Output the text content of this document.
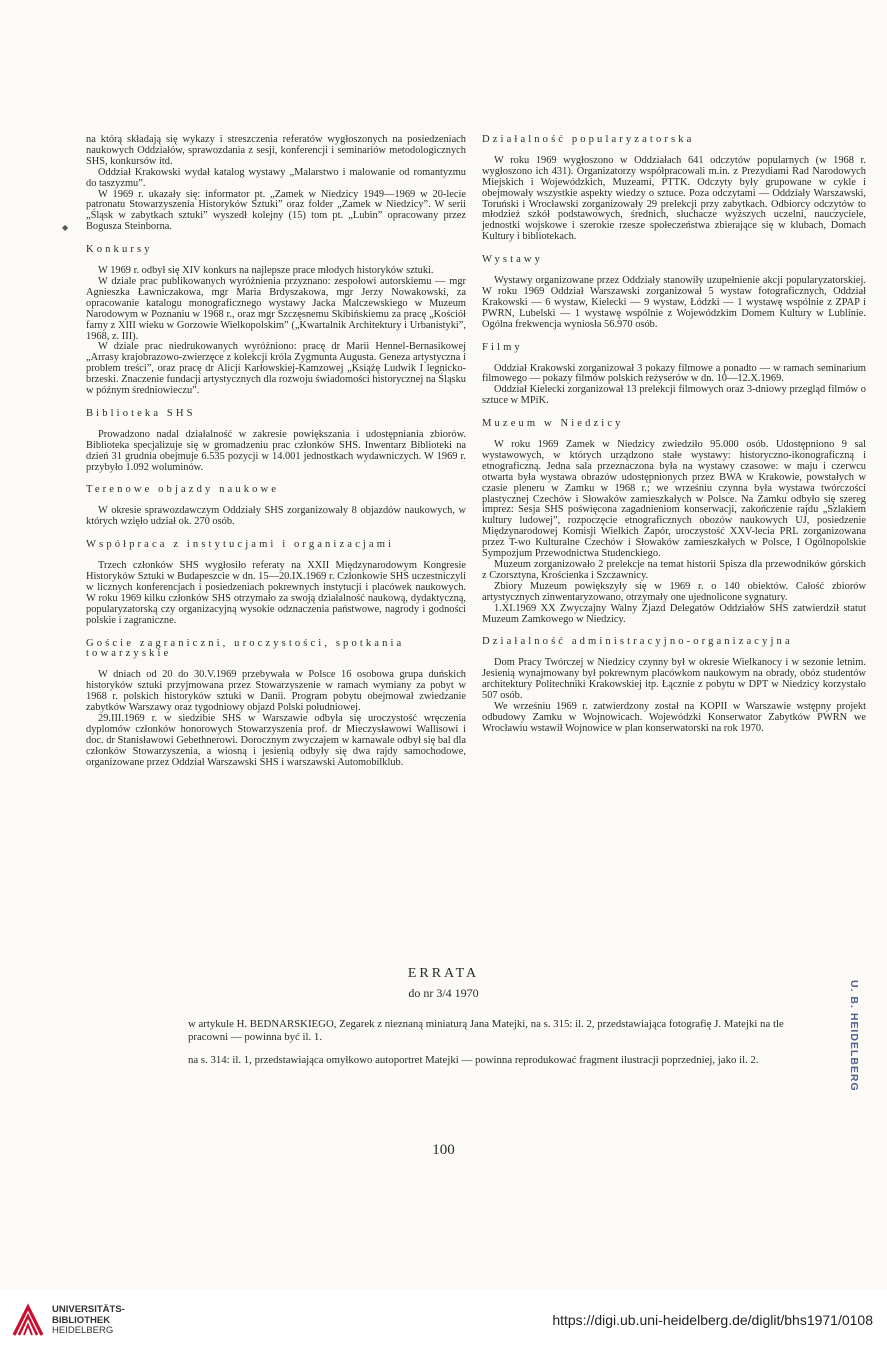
na którą składają się wykazy i streszczenia referatów wygłoszonych na posiedzeniach naukowych Oddziałów, sprawozdania z sesji, konferencji i seminariów metodologicznych SHS, konkursów itd.

Oddział Krakowski wydał katalog wystawy „Malarstwo i malowanie od romantyzmu do taszyzmu”.

W 1969 r. ukazały się: informator pt. „Zamek w Niedzicy 1949—1969 w 20-lecie patronatu Stowarzyszenia Historyków Sztuki” oraz folder „Zamek w Niedzicy”. W serii „Śląsk w zabytkach sztuki” wyszedł kolejny (15) tom pt. „Lubin” opracowany przez Bogusza Steinborna.

Konkursy

W 1969 r. odbył się XIV konkurs na najlepsze prace młodych historyków sztuki.

W dziale prac publikowanych wyróżnienia przyznano: zespołowi autorskiemu — mgr Agnieszka Ławniczakowa, mgr Maria Brdyszakowa, mgr Jerzy Nowakowski, za opracowanie katalogu monograficznego wystawy Jacka Malczewskiego w Muzeum Narodowym w Poznaniu w 1968 r., oraz mgr Szczęsnemu Skibińskiemu za pracę „Kościół farny z XIII wieku w Gorzowie Wielkopolskim” („Kwartalnik Architektury i Urbanistyki”, 1968, z. III).

W dziale prac niedrukowanych wyróżniono: pracę dr Marii Hennel-Bernasikowej „Arrasy krajobrazowo-zwierzęce z kolekcji króla Zygmunta Augusta. Geneza artystyczna i problem treści”, oraz pracę dr Alicji Karłowskiej-Kamzowej „Książę Ludwik I legnicko-brzeski. Znaczenie fundacji artystycznych dla rozwoju świadomości historycznej na Śląsku w późnym średniowieczu”.

Biblioteka SHS

Prowadzono nadal działalność w zakresie powiększania i udostępniania zbiorów. Biblioteka specjalizuje się w gromadzeniu prac członków SHS. Inwentarz Biblioteki na dzień 31 grudnia obejmuje 6.535 pozycji w 14.001 jednostkach wydawniczych. W 1969 r. przybyło 1.092 woluminów.

Terenowe objazdy naukowe

W okresie sprawozdawczym Oddziały SHS zorganizowały 8 objazdów naukowych, w których wzięło udział ok. 270 osób.

Współpraca z instytucjami i organizacjami

Trzech członków SHS wygłosiło referaty na XXII Międzynarodowym Kongresie Historyków Sztuki w Budapeszcie w dn. 15—20.IX.1969 r. Członkowie SHS uczestniczyli w licznych konferencjach i posiedzeniach pokrewnych instytucji i placówek naukowych. W roku 1969 kilku członków SHS otrzymało za swoją działalność naukową, dydaktyczną, popularyzatorską czy organizacyjną wysokie odznaczenia państwowe, nagrody i godności polskie i zagraniczne.

Goście zagraniczni, uroczystości, spotkania towarzyskie

W dniach od 20 do 30.V.1969 przebywała w Polsce 16 osobowa grupa duńskich historyków sztuki przyjmowana przez Stowarzyszenie w ramach wymiany za pobyt w 1968 r. polskich historyków sztuki w Danii. Program pobytu obejmował zwiedzanie zabytków Warszawy oraz tygodniowy objazd Polski południowej.

29.III.1969 r. w siedzibie SHS w Warszawie odbyła się uroczystość wręczenia dyplomów członków honorowych Stowarzyszenia prof. dr Mieczysławowi Wallisowi i doc. dr Stanisławowi Gebethnerowi. Dorocznym zwyczajem w karnawale odbył się bal dla członków Stowarzyszenia, a wiosną i jesienią odbyły się dwa rajdy samochodowe, organizowane przez Oddział Warszawski SHS i warszawski Automobilklub.

Działalność popularyzatorska

W roku 1969 wygłoszono w Oddziałach 641 odczytów popularnych (w 1968 r. wygłoszono ich 431). Organizatorzy współpracowali m.in. z Prezydiami Rad Narodowych Miejskich i Wojewódzkich, Muzeami, PTTK. Odczyty były grupowane w cykle i obejmowały wszystkie aspekty wiedzy o sztuce. Poza odczytami — Oddziały Warszawski, Toruński i Wrocławski zorganizowały 29 prelekcji przy zabytkach. Odbiorcy odczytów to młodzież szkół podstawowych, średnich, słuchacze wyższych uczelni, nauczyciele, jednostki wojskowe i szerokie rzesze społeczeństwa zbierające się w klubach, Domach Kultury i bibliotekach.

Wystawy

Wystawy organizowane przez Oddziały stanowiły uzupełnienie akcji popularyzatorskiej. W roku 1969 Oddział Warszawski zorganizował 5 wystaw fotograficznych, Oddział Krakowski — 6 wystaw, Kielecki — 9 wystaw, Łódzki — 1 wystawę wspólnie z ZPAP i PWRN, Lubelski — 1 wystawę wspólnie z Wojewódzkim Domem Kultury w Lublinie. Ogólna frekwencja wyniosła 56.970 osób.

Filmy

Oddział Krakowski zorganizował 3 pokazy filmowe a ponadto — w ramach seminarium filmowego — pokazy filmów polskich reżyserów w dn. 10—12.X.1969.

Oddział Kielecki zorganizował 13 prelekcji filmowych oraz 3-dniowy przegląd filmów o sztuce w MPiK.

Muzeum w Niedzicy

W roku 1969 Zamek w Niedzicy zwiedziło 95.000 osób. Udostępniono 9 sal wystawowych, w których urządzono stałe wystawy: historyczno-ikonograficzną i etnograficzną. Jedna sala przeznaczona była na wystawy czasowe: w maju i czerwcu otwarta była wystawa obrazów udostępnionych przez BWA w Krakowie, powstałych w czasie pleneru w Zamku w 1968 r.; we wrześniu czynna była wystawa twórczości plastycznej Czechów i Słowaków zamieszkałych w Polsce. Na Zamku odbyło się szereg imprez: Sesja SHS poświęcona zagadnieniom konserwacji, zakończenie rajdu „Szlakiem kultury ludowej”, rozpoczęcie etnograficznych obozów naukowych UJ, posiedzenie Międzynarodowej Komisji Wielkich Zapór, uroczystość XXV-lecia PRL zorganizowana przez T-wo Kulturalne Czechów i Słowaków zamieszkałych w Polsce, I Ogólnopolskie Sympozjum Przewodnictwa Studenckiego.

Muzeum zorganizowało 2 prelekcje na temat historii Spisza dla przewodników górskich z Czorsztyna, Krościenka i Szczawnicy.

Zbiory Muzeum powiększyły się w 1969 r. o 140 obiektów. Całość zbiorów artystycznych zinwentaryzowano, otrzymały one ujednolicone sygnatury.

1.XI.1969 XX Zwyczajny Walny Zjazd Delegatów Oddziałów SHS zatwierdził statut Muzeum Zamkowego w Niedzicy.

Działalność administracyjno-organizacyjna

Dom Pracy Twórczej w Niedzicy czynny był w okresie Wielkanocy i w sezonie letnim. Jesienią wynajmowany był pokrewnym placówkom naukowym na obrady, obóz studentów architektury Politechniki Krakowskiej itp. Łącznie z pobytu w DPT w Niedzicy korzystało 507 osób.

We wrześniu 1969 r. zatwierdzony został na KOPII w Warszawie wstępny projekt odbudowy Zamku w Wojnowicach. Wojewódzki Konserwator Zabytków PWRN we Wrocławiu wstawił Wojnowice w plan konserwatorski na rok 1970.

◆
ERRATA
do nr 3/4 1970

w artykule H. BEDNARSKIEGO, Zegarek z nieznaną miniaturą Jana Matejki, na s. 315: il. 2, przedstawiająca fotografię J. Matejki na tle pracowni — powinna być il. 1.

na s. 314: il. 1, przedstawiająca omyłkowo autoportret Matejki — powinna reprodukować fragment ilustracji poprzedniej, jako il. 2.	U. B. HEIDELBERG
100
UNIVERSITÄTS-
BIBLIOTHEK
HEIDELBERG
https://digi.ub.uni-heidelberg.de/diglit/bhs1971/0108
